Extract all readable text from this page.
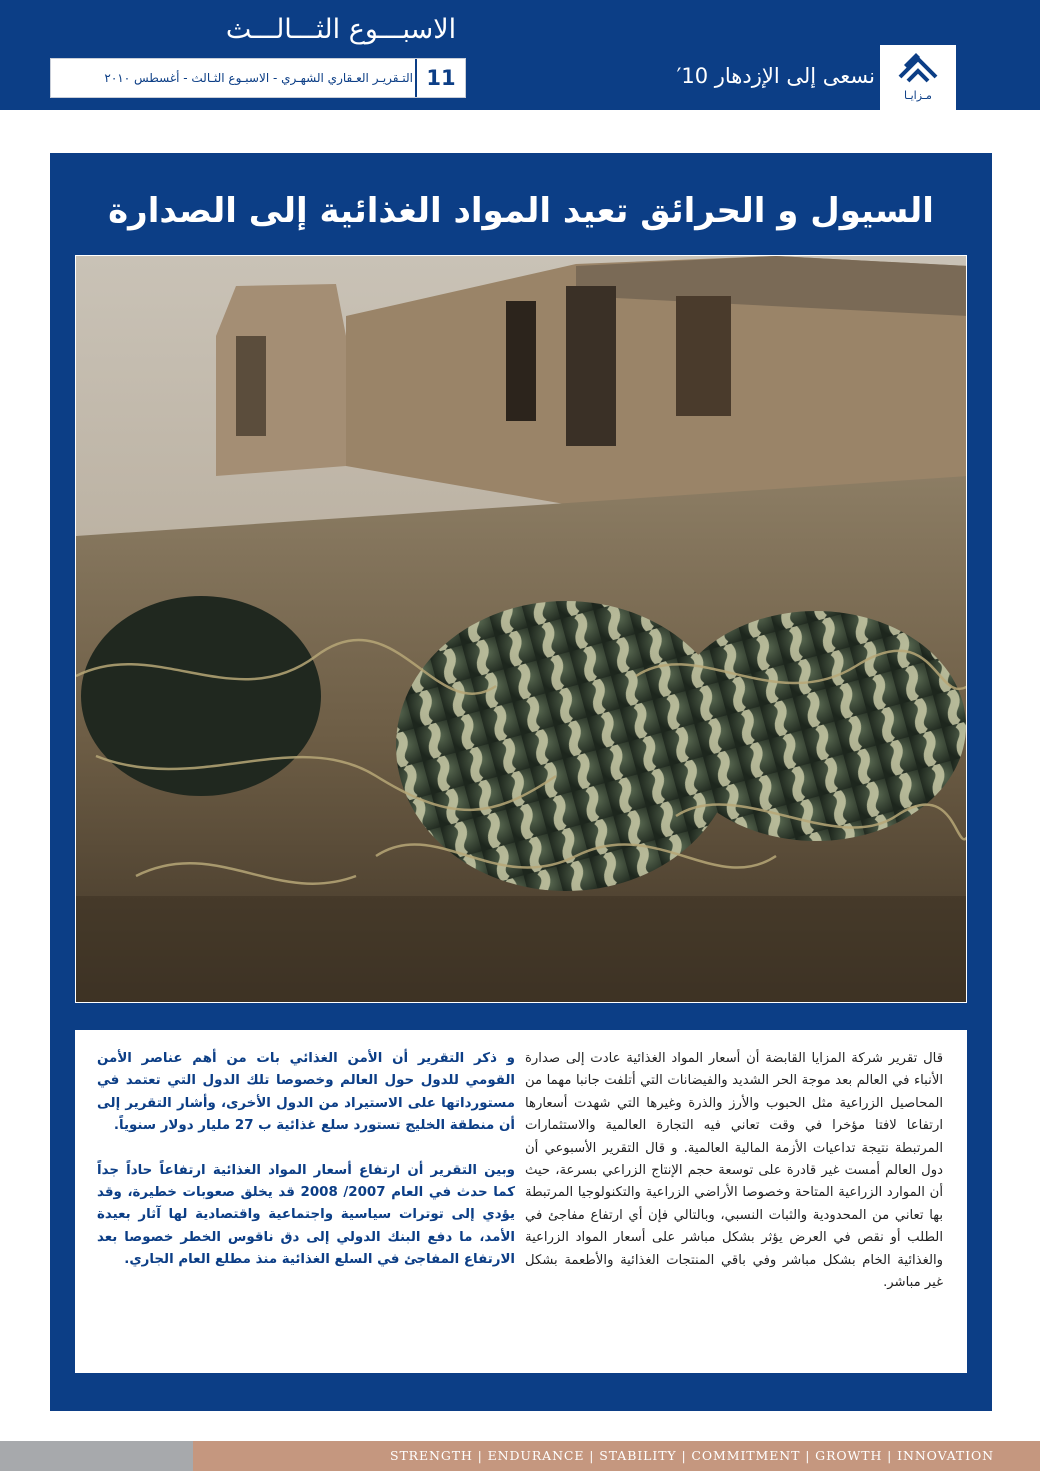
الاسبـــوع الثـــالـــث
التـقريـر العـقاري الشهـري - الاسبـوع الثـالث - أغسطس ٢٠١٠ 11	نسعى إلى الإزدهار 10′
مـزايـا
السيول و الحرائق تعيد المواد الغذائية إلى الصدارة

قال تقرير شركة المزايا القابضة أن أسعار المواد الغذائية عادت إلى صدارة الأنباء في العالم بعد موجة الحر الشديد والفيضانات التي أتلفت جانبا مهما من المحاصيل الزراعية مثل الحبوب والأرز والذرة وغيرها التي شهدت أسعارها ارتفاعا لافتا مؤخرا في وقت تعاني فيه التجارة العالمية والاستثمارات المرتبطة نتيجة تداعيات الأزمة المالية العالمية. و قال التقرير الأسبوعي أن دول العالم أمست غير قادرة على توسعة حجم الإنتاج الزراعي بسرعة، حيث أن الموارد الزراعية المتاحة وخصوصا الأراضي الزراعية والتكنولوجيا المرتبطة بها تعاني من المحدودية والثبات النسبي، وبالتالي فإن أي ارتفاع مفاجئ في الطلب أو نقص في العرض يؤثر بشكل مباشر على أسعار المواد الزراعية والغذائية الخام بشكل مباشر وفي باقي المنتجات الغذائية والأطعمة بشكل غير مباشر.

و ذكر التقرير أن الأمن الغذائي بات من أهم عناصر الأمن القومي للدول حول العالم وخصوصا تلك الدول التي تعتمد في مستورداتها على الاستيراد من الدول الأخرى، وأشار التقرير إلى أن منطقة الخليج تستورد سلع غذائية ب 27 مليار دولار سنوياً.

وبين التقرير أن ارتفاع أسعار المواد الغذائية ارتفاعاً حاداً جداً كما حدث في العام 2007/ 2008 قد يخلق صعوبات خطيرة، وقد يؤدي إلى توترات سياسية واجتماعية واقتصادية لها آثار بعيدة الأمد، ما دفع البنك الدولي إلى دق ناقوس الخطر خصوصا بعد الارتفاع المفاجئ في السلع الغذائية منذ مطلع العام الجاري.

STRENGTH | ENDURANCE | STABILITY | COMMITMENT | GROWTH | INNOVATION
